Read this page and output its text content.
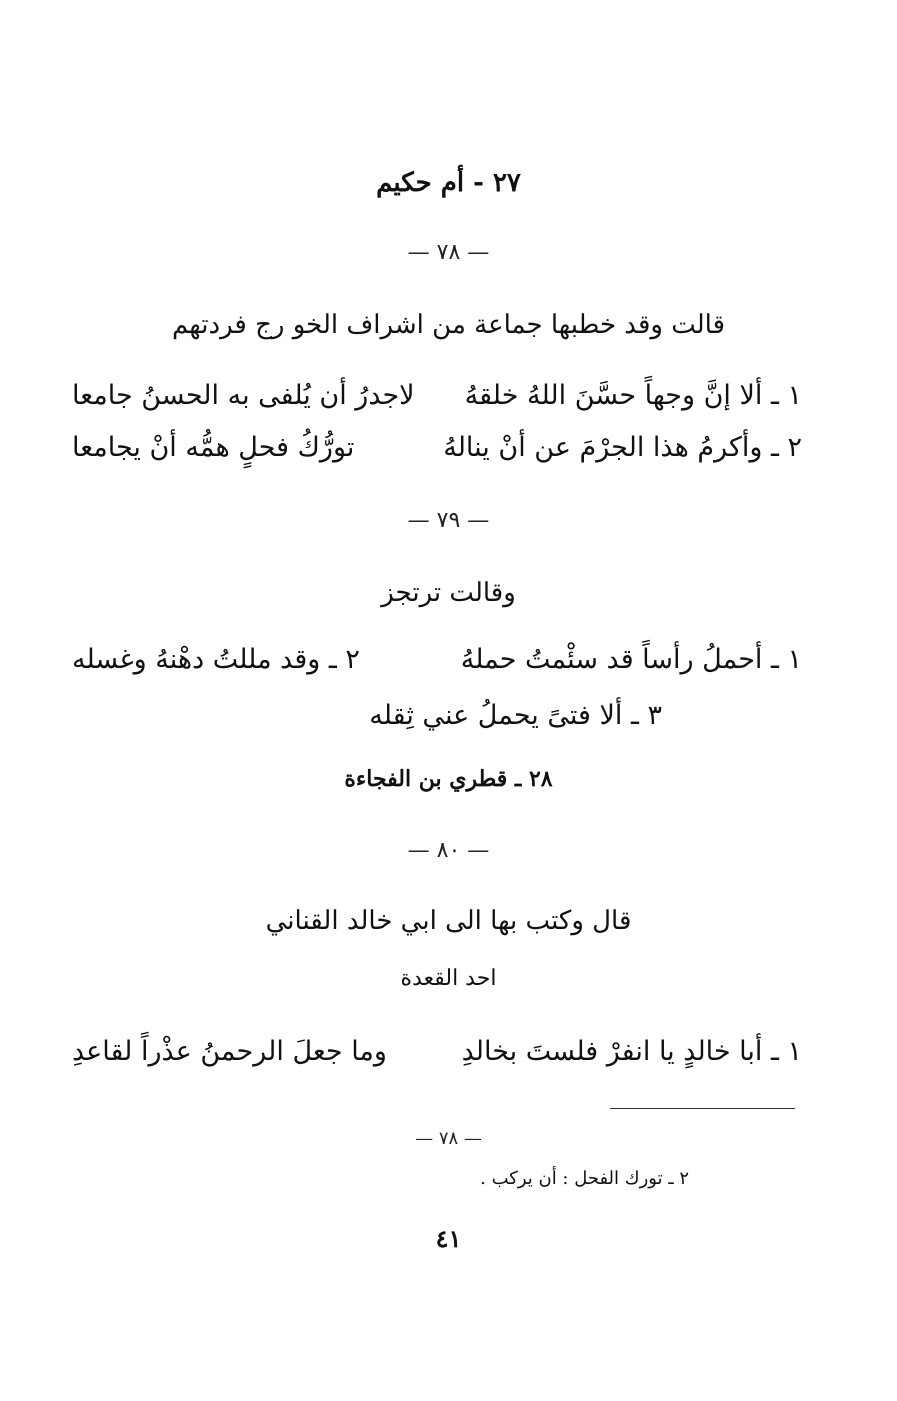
٢٧ - أم حكيم
— ٧٨ —
قالت وقد خطبها جماعة من اشراف الخو رج فردتهم
١ ـ ألا إنَّ وجهاً حسَّنَ اللهُ خلقهُ
لاجدرُ أن يُلفى به الحسنُ جامعا
٢ ـ وأكرمُ هذا الجرْمَ عن أنْ ينالهُ
تورُّكُ فحلٍ همُّه أنْ يجامعا
— ٧٩ —
وقالت ترتجز
١ ـ أحملُ رأساً قد سئْمتُ حملهُ
٢ ـ وقد مللتُ دهْنهُ وغسله
٣ ـ ألا فتىً يحملُ عني ثِقله
٢٨ ـ قطري بن الفجاءة
— ٨٠ —
قال وكتب بها الى ابي خالد القناني
احد القعدة
١ ـ أبا خالدٍ يا انفرْ فلستَ بخالدِ
وما جعلَ الرحمنُ عذْراً لقاعدِ
— ٧٨ —
٢ ـ تورك الفحل : أن يركب .
٤١
